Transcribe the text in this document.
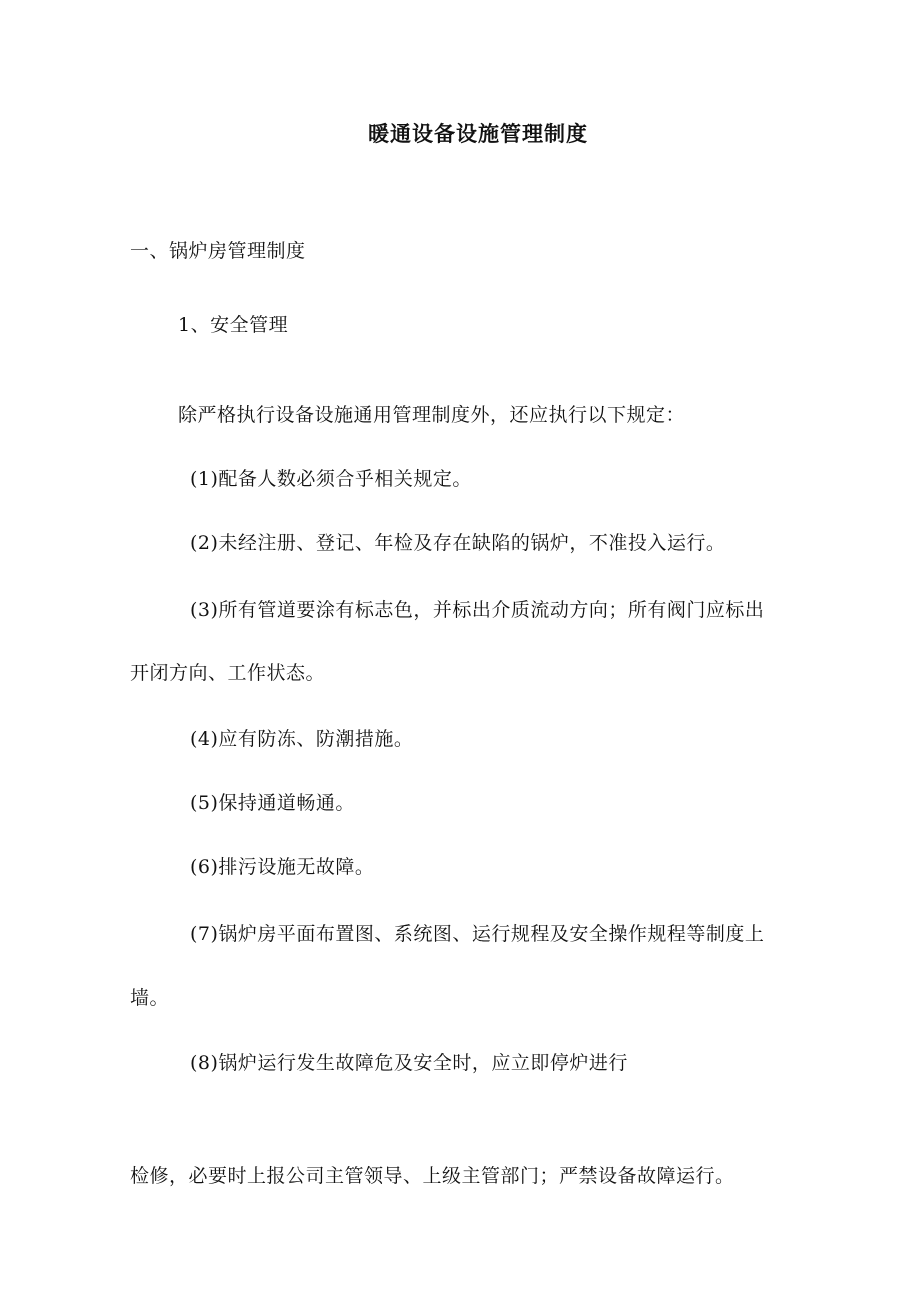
暖通设备设施管理制度
一、锅炉房管理制度
1、安全管理
除严格执行设备设施通用管理制度外，还应执行以下规定：
(1)配备人数必须合乎相关规定。
(2)未经注册、登记、年检及存在缺陷的锅炉，不准投入运行。
(3)所有管道要涂有标志色，并标出介质流动方向；所有阀门应标出
开闭方向、工作状态。
(4)应有防冻、防潮措施。
(5)保持通道畅通。
(6)排污设施无故障。
(7)锅炉房平面布置图、系统图、运行规程及安全操作规程等制度上
墙。
(8)锅炉运行发生故障危及安全时，应立即停炉进行
检修，必要时上报公司主管领导、上级主管部门；严禁设备故障运行。
